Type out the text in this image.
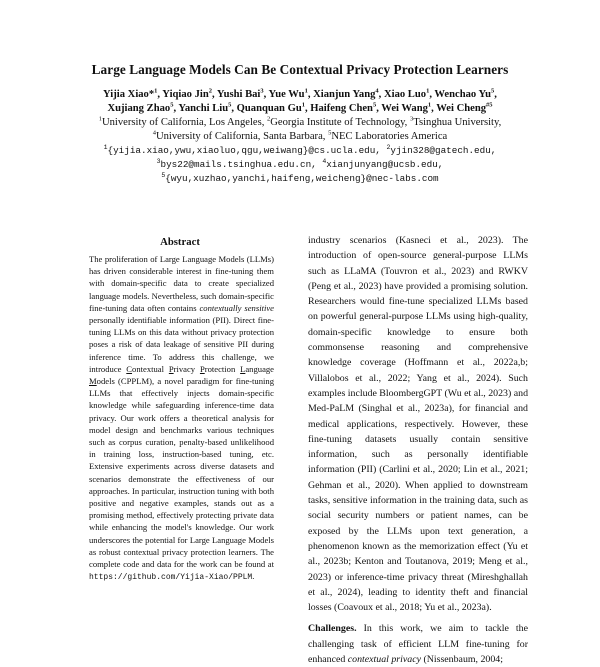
Large Language Models Can Be Contextual Privacy Protection Learners
Yijia Xiao*$^1$, Yiqiao Jin$^2$, Yushi Bai$^3$, Yue Wu$^1$, Xianjun Yang$^4$, Xiao Luo$^1$, Wenchao Yu$^5$,
Xujiang Zhao$^5$, Yanchi Liu$^5$, Quanquan Gu$^1$, Haifeng Chen$^5$, Wei Wang$^1$, Wei Cheng$^{\#5}$
$^1$University of California, Los Angeles, $^2$Georgia Institute of Technology, $^3$Tsinghua University,
$^4$University of California, Santa Barbara, $^5$NEC Laboratories America
$^1${yijia.xiao,ywu,xiaoluo,qgu,weiwang}@cs.ucla.edu, $^2$yjin328@gatech.edu,
$^3$bys22@mails.tsinghua.edu.cn, $^4$xianjunyang@ucsb.edu,
$^5${wyu,xuzhao,yanchi,haifeng,weicheng}@nec-labs.com
Abstract
The proliferation of Large Language Models (LLMs) has driven considerable interest in fine-tuning them with domain-specific data to create specialized language models. Nevertheless, such domain-specific fine-tuning data often contains contextually sensitive personally identifiable information (PII). Direct fine-tuning LLMs on this data without privacy protection poses a risk of data leakage of sensitive PII during inference time. To address this challenge, we introduce Contextual Privacy Protection Language Models (CPPLM), a novel paradigm for fine-tuning LLMs that effectively injects domain-specific knowledge while safeguarding inference-time data privacy. Our work offers a theoretical analysis for model design and benchmarks various techniques such as corpus curation, penalty-based unlikelihood in training loss, instruction-based tuning, etc. Extensive experiments across diverse datasets and scenarios demonstrate the effectiveness of our approaches. In particular, instruction tuning with both positive and negative examples, stands out as a promising method, effectively protecting private data while enhancing the model's knowledge. Our work underscores the potential for Large Language Models as robust contextual privacy protection learners. The complete code and data for the work can be found at https://github.com/Yijia-Xiao/PPLM.

industry scenarios (Kasneci et al., 2023). The introduction of open-source general-purpose LLMs such as LLaMA (Touvron et al., 2023) and RWKV (Peng et al., 2023) have provided a promising solution. Researchers would fine-tune specialized LLMs based on powerful general-purpose LLMs using high-quality, domain-specific knowledge to ensure both commonsense reasoning and comprehensive knowledge coverage (Hoffmann et al., 2022a,b; Villalobos et al., 2022; Yang et al., 2024). Such examples include BloombergGPT (Wu et al., 2023) and Med-PaLM (Singhal et al., 2023a), for financial and medical applications, respectively. However, these fine-tuning datasets usually contain sensitive information, such as personally identifiable information (PII) (Carlini et al., 2020; Lin et al., 2021; Gehman et al., 2020). When applied to downstream tasks, sensitive information in the training data, such as social security numbers or patient names, can be exposed by the LLMs upon text generation, a phenomenon known as the memorization effect (Yu et al., 2023b; Kenton and Toutanova, 2019; Meng et al., 2023) or inference-time privacy threat (Mireshghallah et al., 2024), leading to identity theft and financial losses (Coavoux et al., 2018; Yu et al., 2023a).

Challenges. In this work, we aim to tackle the challenging task of efficient LLM fine-tuning for enhanced contextual privacy (Nissenbaum, 2004;
